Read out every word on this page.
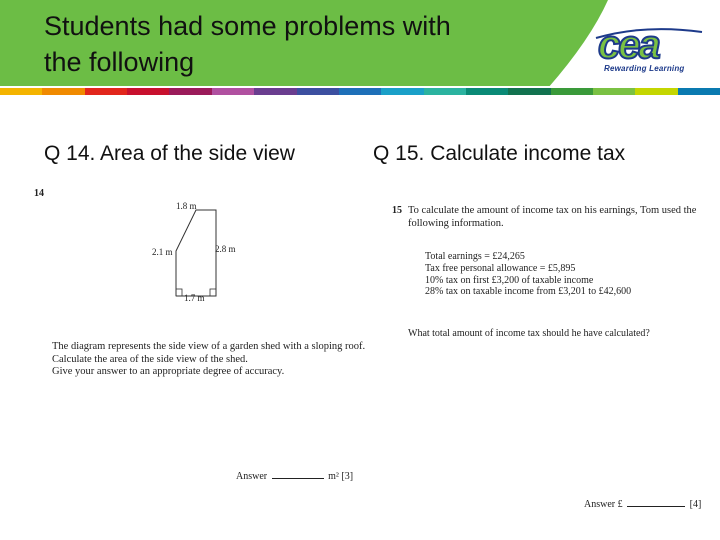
Students had some problems with
the following	cea
Rewarding Learning
Q 14. Area of the side view	Q 15. Calculate income tax
14
1.8 m
2.1 m	2.8 m
1.7 m
The diagram represents the side view of a garden shed with a sloping roof.
Calculate the area of the side view of the shed.
Give your answer to an appropriate degree of accuracy.
Answer	m² [3]
15 To calculate the amount of income tax on his earnings, Tom used the
following information.
Total earnings = £24,265
Tax free personal allowance = £5,895
10% tax on first £3,200 of taxable income
28% tax on taxable income from £3,201 to £42,600
What total amount of income tax should he have calculated?
Answer £	[4]
